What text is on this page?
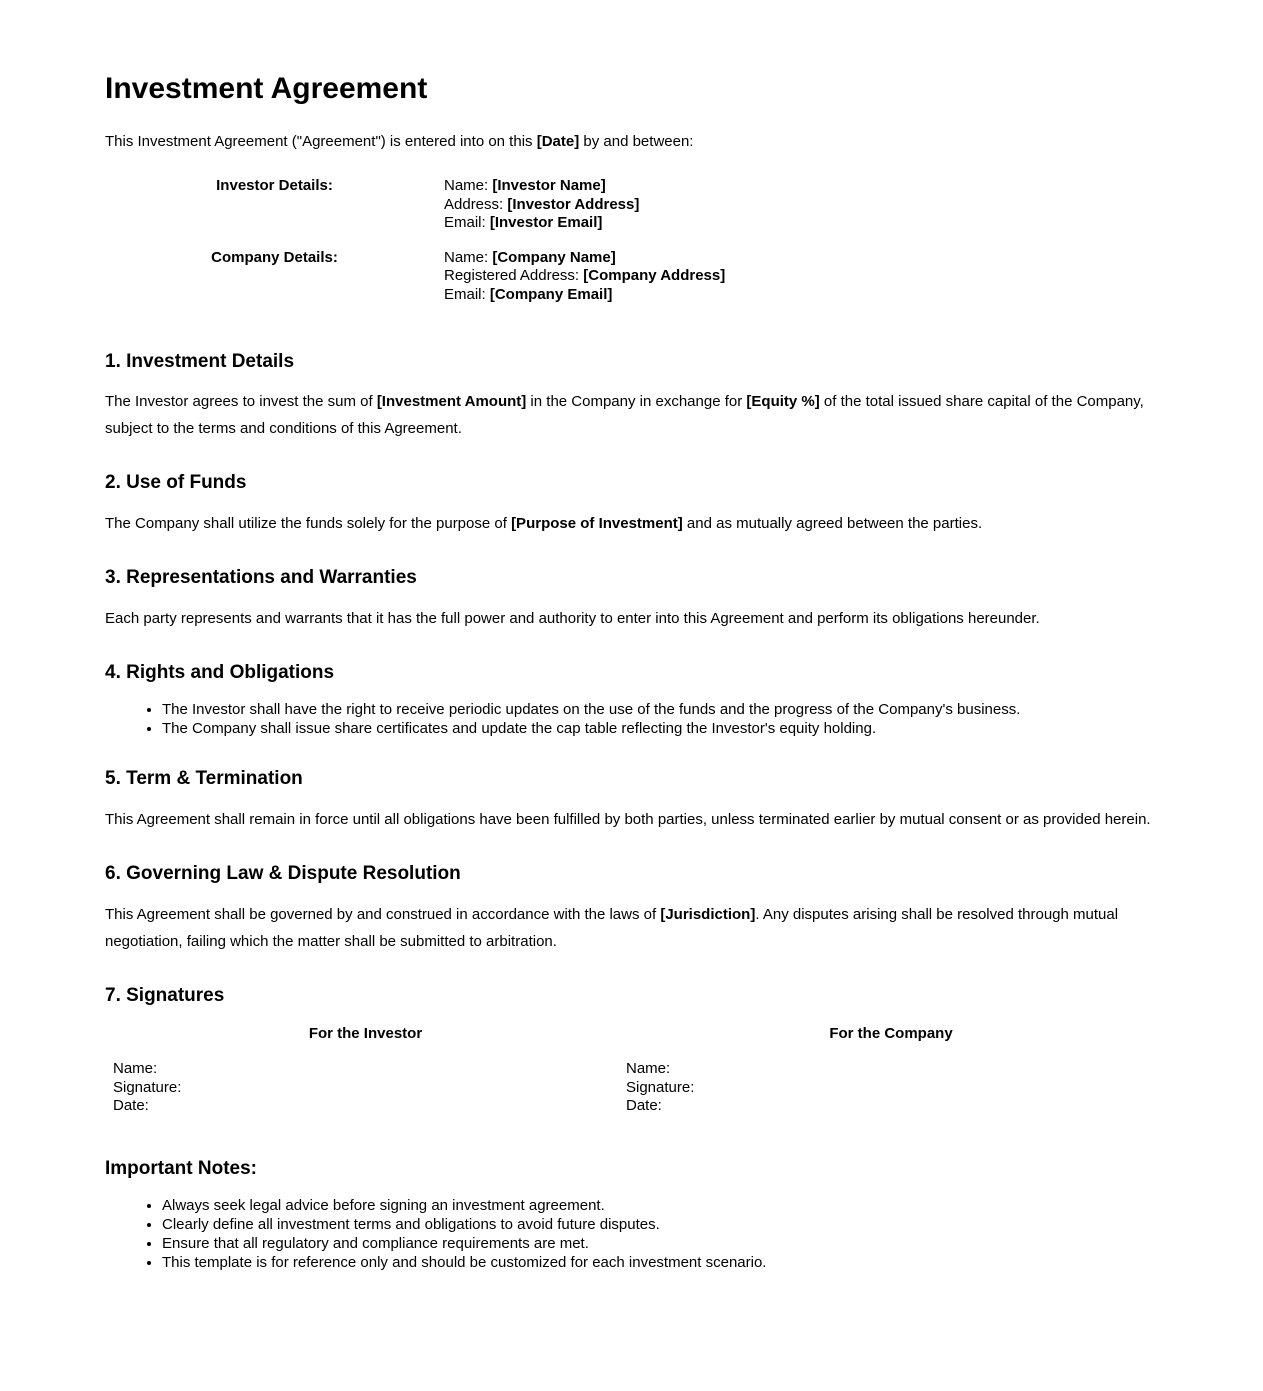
Investment Agreement

This Investment Agreement ("Agreement") is entered into on this [Date] by and between:

Investor Details:	Name: [Investor Name]
Address: [Investor Address]
Email: [Investor Email]

Company Details:	Name: [Company Name]
Registered Address: [Company Address]
Email: [Company Email]
1. Investment Details

The Investor agrees to invest the sum of [Investment Amount] in the Company in exchange for [Equity %] of the total issued share capital of the Company, subject to the terms and conditions of this Agreement.

2. Use of Funds

The Company shall utilize the funds solely for the purpose of [Purpose of Investment] and as mutually agreed between the parties.

3. Representations and Warranties

Each party represents and warrants that it has the full power and authority to enter into this Agreement and perform its obligations hereunder.

4. Rights and Obligations
• The Investor shall have the right to receive periodic updates on the use of the funds and the progress of the Company's business.
• The Company shall issue share certificates and update the cap table reflecting the Investor's equity holding.
5. Term & Termination

This Agreement shall remain in force until all obligations have been fulfilled by both parties, unless terminated earlier by mutual consent or as provided herein.

6. Governing Law & Dispute Resolution

This Agreement shall be governed by and construed in accordance with the laws of [Jurisdiction]. Any disputes arising shall be resolved through mutual negotiation, failing which the matter shall be submitted to arbitration.

7. Signatures
For the Investor
Name:
Signature:
Date:

For the Company
Name:
Signature:
Date:
Important Notes:
• Always seek legal advice before signing an investment agreement.
• Clearly define all investment terms and obligations to avoid future disputes.
• Ensure that all regulatory and compliance requirements are met.
• This template is for reference only and should be customized for each investment scenario.
